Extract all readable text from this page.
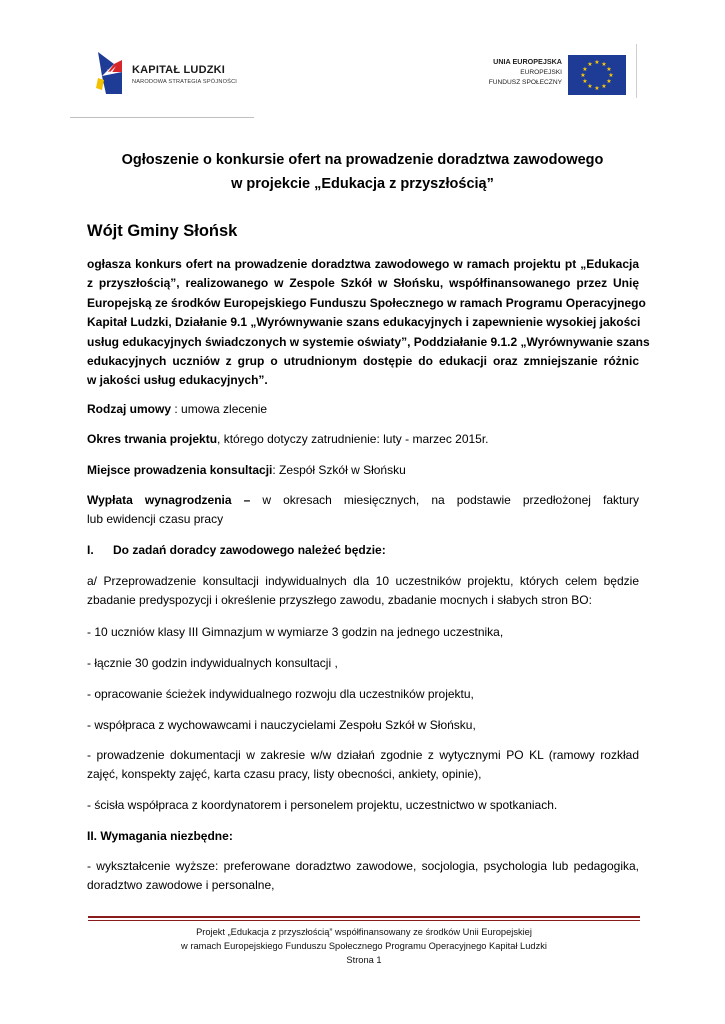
KAPITAŁ LUDZKI
NARODOWA STRATEGIA SPÓJNOŚCI
UNIA EUROPEJSKA
EUROPEJSKI
FUNDUSZ SPOŁECZNY
★ ★
★
★
★
★
★
★
★
★
★
★
Ogłoszenie o konkursie ofert na prowadzenie doradztwa zawodowego
w projekcie „Edukacja z przyszłością”
Wójt Gminy Słońsk
ogłasza konkurs ofert na prowadzenie doradztwa zawodowego w ramach projektu pt „Edukacja
z przyszłością”, realizowanego w Zespole Szkół w Słońsku, współfinansowanego przez Unię
Europejską ze środków Europejskiego Funduszu Społecznego w ramach Programu Operacyjnego
Kapitał Ludzki, Działanie 9.1 „Wyrównywanie szans edukacyjnych i zapewnienie wysokiej jakości
usług edukacyjnych świadczonych w systemie oświaty”, Poddziałanie 9.1.2 „Wyrównywanie szans
edukacyjnych uczniów z grup o utrudnionym dostępie do edukacji oraz zmniejszanie różnic
w jakości usług edukacyjnych”.
Rodzaj umowy : umowa zlecenie
Okres trwania projektu, którego dotyczy zatrudnienie: luty - marzec 2015r.
Miejsce prowadzenia konsultacji: Zespół Szkół w Słońsku
Wypłata wynagrodzenia – w okresach miesięcznych, na podstawie przedłożonej faktury
lub ewidencji czasu pracy
I. Do zadań doradcy zawodowego należeć będzie:
a/ Przeprowadzenie konsultacji indywidualnych dla 10 uczestników projektu, których celem będzie
zbadanie predyspozycji i określenie przyszłego zawodu, zbadanie mocnych i słabych stron BO:
- 10 uczniów klasy III Gimnazjum w wymiarze 3 godzin na jednego uczestnika,
- łącznie 30 godzin indywidualnych konsultacji ,
- opracowanie ścieżek indywidualnego rozwoju dla uczestników projektu,
- współpraca z wychowawcami i nauczycielami Zespołu Szkół w Słońsku,
- prowadzenie dokumentacji w zakresie w/w działań zgodnie z wytycznymi PO KL (ramowy rozkład
zajęć, konspekty zajęć, karta czasu pracy, listy obecności, ankiety, opinie),
- ścisła współpraca z koordynatorem i personelem projektu, uczestnictwo w spotkaniach.
II. Wymagania niezbędne:
- wykształcenie wyższe: preferowane doradztwo zawodowe, socjologia, psychologia lub pedagogika,
doradztwo zawodowe i personalne,
Projekt „Edukacja z przyszłością” współfinansowany ze środków Unii Europejskiej
w ramach Europejskiego Funduszu Społecznego Programu Operacyjnego Kapitał Ludzki
Strona 1
